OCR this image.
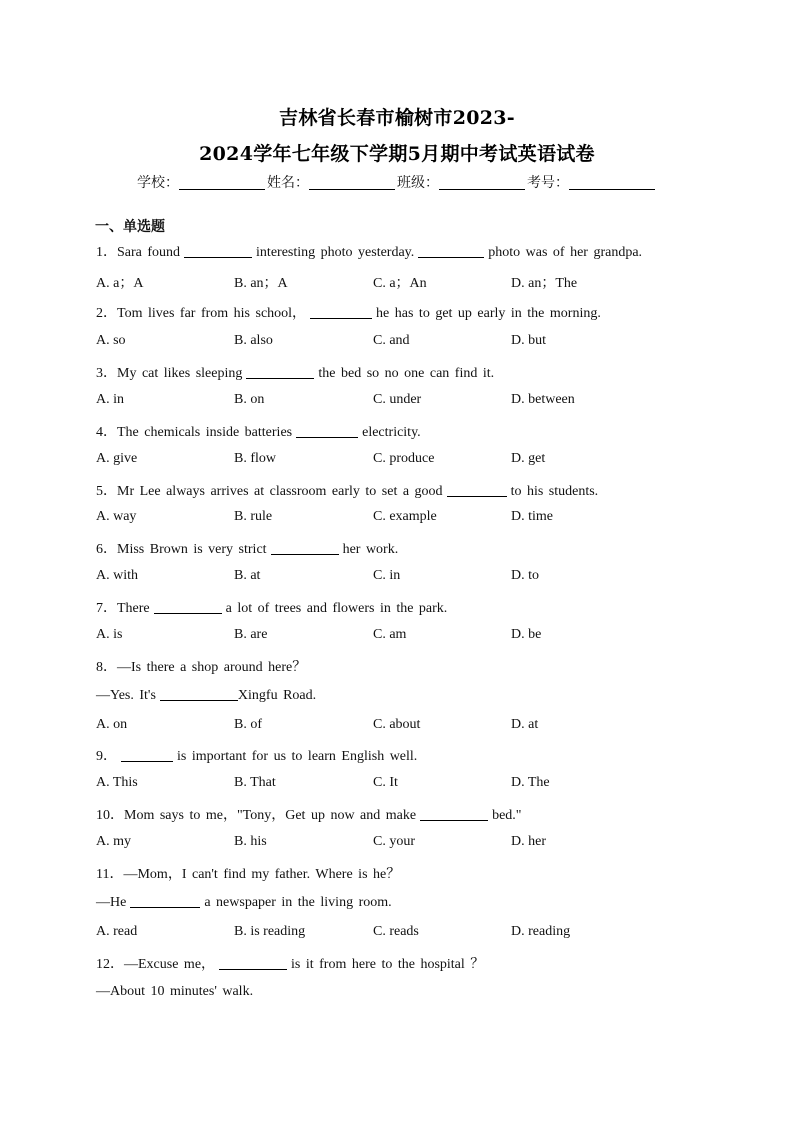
吉林省长春市榆树市2023-
2024学年七年级下学期5月期中考试英语试卷
学校：	姓名：	班级：	考号：
一、单选题
1．Sara found	interesting photo yesterday.	photo was of her grandpa.
A. a；A	B. an；A	C. a；An	D. an；The
2．Tom lives far from his school，	he has to get up early in the morning.
A. so	B. also	C. and	D. but
3．My cat likes sleeping	the bed so no one can find it.
A. in	B. on	C. under	D. between
4．The chemicals inside batteries	electricity.
A. give	B. flow	C. produce	D. get
5．Mr Lee always arrives at classroom early to set a good	to his students.
A. way	B. rule	C. example	D. time
6．Miss Brown is very strict	her work.
A. with	B. at	C. in	D. to
7．There	a lot of trees and flowers in the park.
A. is	B. are	C. am	D. be
8．—Is there a shop around here？
—Yes. It's	Xingfu Road.
A. on	B. of	C. about	D. at
9．	is important for us to learn English well.
A. This	B. That	C. It	D. The
10．Mom says to me，"Tony，Get up now and make	bed."
A. my	B. his	C. your	D. her
11．—Mom，I can't find my father. Where is he？
—He	a newspaper in the living room.
A. read	B. is reading	C. reads	D. reading
12．—Excuse me，	is it from here to the hospital ？
—About 10 minutes' walk.
